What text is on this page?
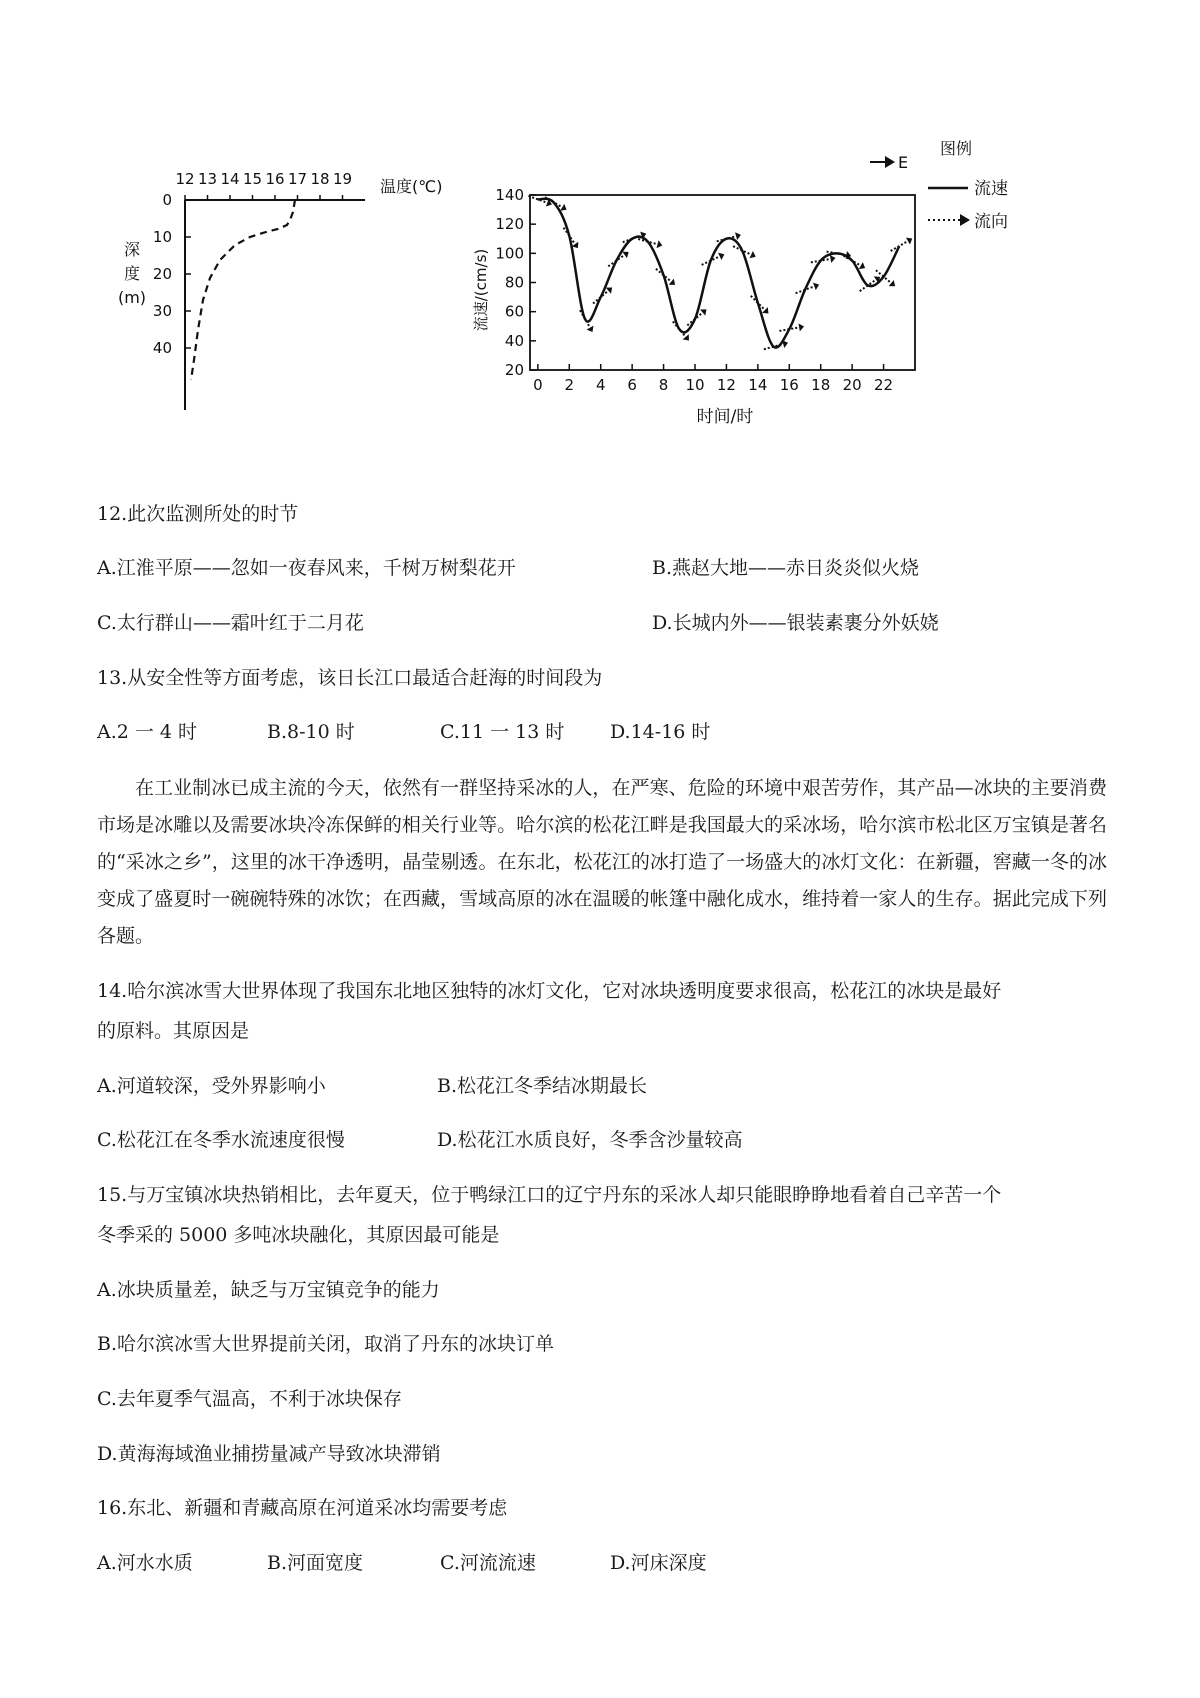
12 13 14 15 16 17 18 19 温度(℃)
0
10
20
30
40
深
度
(m)
20
40
60
80
100
120
140
0 2 4 6 8 10 12 14 16 18 20 22
时间/时
流速/(cm/s)
图例
E
流速
流向
12.此次监测所处的时节
A.江淮平原——忽如一夜春风来，千树万树梨花开	B.燕赵大地——赤日炎炎似火烧
C.太行群山——霜叶红于二月花	D.长城内外——银装素裹分外妖娆
13.从安全性等方面考虑，该日长江口最适合赶海的时间段为
A.2 一 4 时	B.8-10 时	C.11 一 13 时 D.14-16 时

在工业制冰已成主流的今天，依然有一群坚持采冰的人，在严寒、危险的环境中艰苦劳作，其产品—冰块的主要消费市场是冰雕以及需要冰块冷冻保鲜的相关行业等。哈尔滨的松花江畔是我国最大的采冰场，哈尔滨市松北区万宝镇是著名的“采冰之乡”，这里的冰干净透明，晶莹剔透。在东北，松花江的冰打造了一场盛大的冰灯文化：在新疆，窖藏一冬的冰变成了盛夏时一碗碗特殊的冰饮；在西藏，雪域高原的冰在温暖的帐篷中融化成水，维持着一家人的生存。据此完成下列各题。

14.哈尔滨冰雪大世界体现了我国东北地区独特的冰灯文化，它对冰块透明度要求很高，松花江的冰块是最好
的原料。其原因是
A.河道较深，受外界影响小	B.松花江冬季结冰期最长
C.松花江在冬季水流速度很慢	D.松花江水质良好，冬季含沙量较高
15.与万宝镇冰块热销相比，去年夏天，位于鸭绿江口的辽宁丹东的采冰人却只能眼睁睁地看着自己辛苦一个
冬季采的 5000 多吨冰块融化，其原因最可能是
A.冰块质量差，缺乏与万宝镇竞争的能力
B.哈尔滨冰雪大世界提前关闭，取消了丹东的冰块订单
C.去年夏季气温高，不利于冰块保存
D.黄海海域渔业捕捞量减产导致冰块滞销
16.东北、新疆和青藏高原在河道采冰均需要考虑
A.河水水质	B.河面宽度	C.河流流速	D.河床深度
